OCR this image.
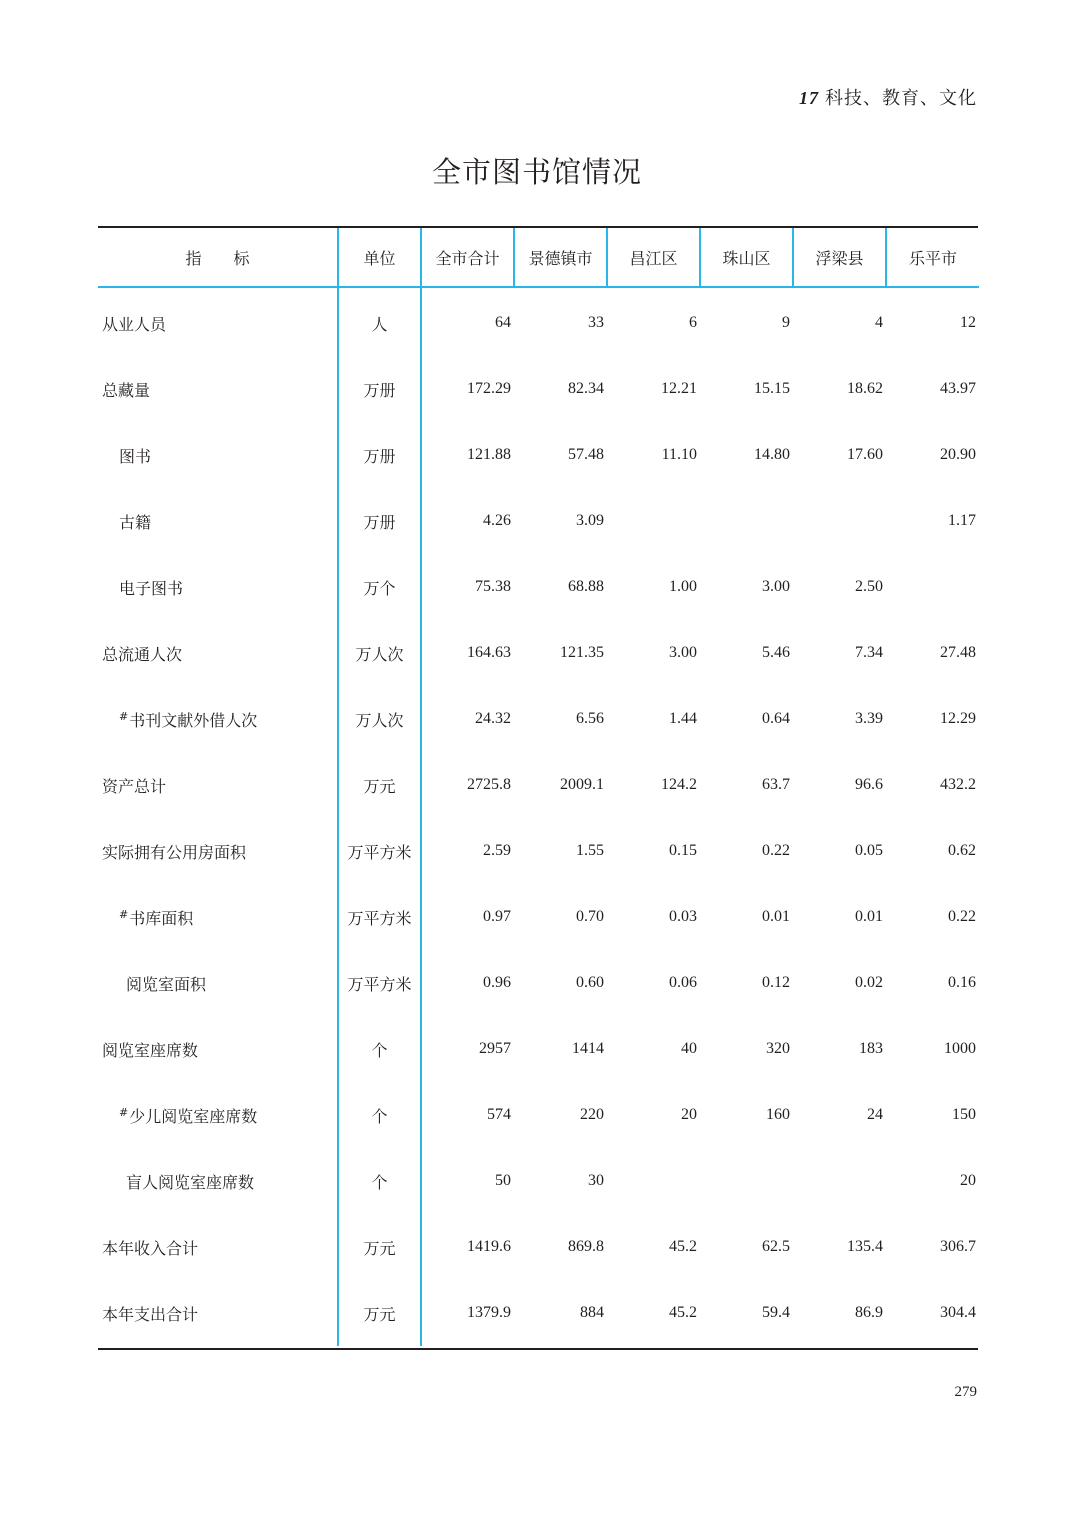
17 科技、教育、文化
全市图书馆情况
指　　标	单位	全市合计	景德镇市	昌江区	珠山区	浮梁县	乐平市
从业人员	人	64	33	6	9	4	12
总藏量	万册	172.29	82.34	12.21	15.15	18.62	43.97
图书	万册	121.88	57.48	11.10	14.80	17.60	20.90
古籍	万册	4.26	3.09				1.17
电子图书	万个	75.38	68.88	1.00	3.00	2.50	
总流通人次	万人次	164.63	121.35	3.00	5.46	7.34	27.48
#书刊文献外借人次	万人次	24.32	6.56	1.44	0.64	3.39	12.29
资产总计	万元	2725.8	2009.1	124.2	63.7	96.6	432.2
实际拥有公用房面积	万平方米	2.59	1.55	0.15	0.22	0.05	0.62
#书库面积	万平方米	0.97	0.70	0.03	0.01	0.01	0.22
阅览室面积	万平方米	0.96	0.60	0.06	0.12	0.02	0.16
阅览室座席数	个	2957	1414	40	320	183	1000
#少儿阅览室座席数	个	574	220	20	160	24	150
盲人阅览室座席数	个	50	30				20
本年收入合计	万元	1419.6	869.8	45.2	62.5	135.4	306.7
本年支出合计	万元	1379.9	884	45.2	59.4	86.9	304.4
279
